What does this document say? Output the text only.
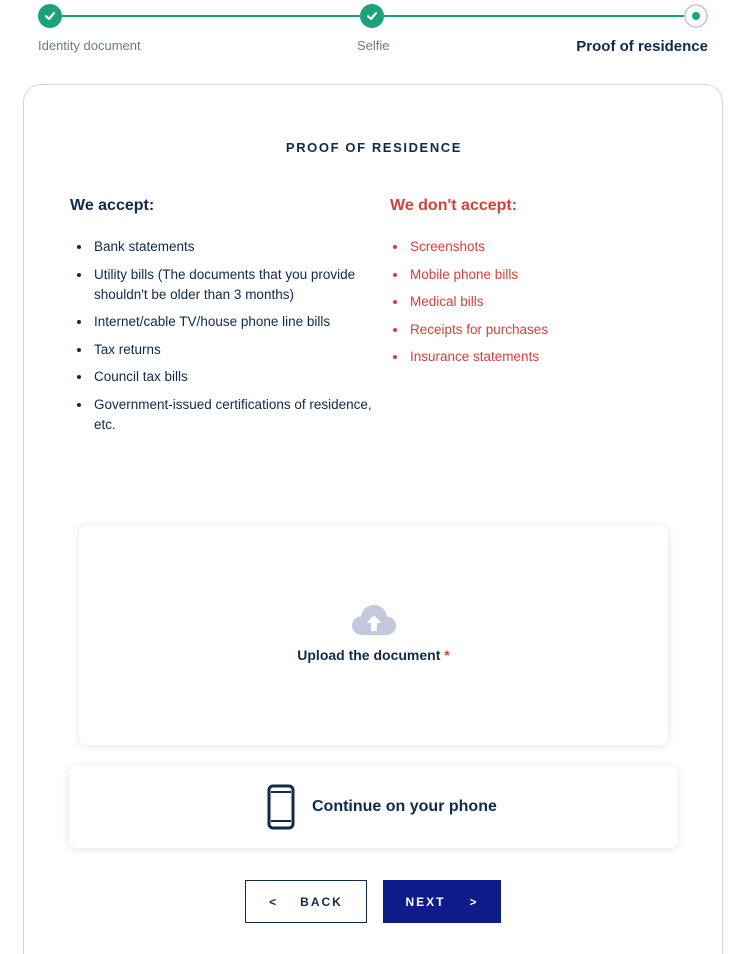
Identity document	Selfie	Proof of residence
PROOF OF RESIDENCE
We accept:
Bank statements
Utility bills (The documents that you provide shouldn't be older than 3 months)
Internet/cable TV/house phone line bills
Tax returns
Council tax bills
Government-issued certifications of residence, etc.
We don't accept:
Screenshots
Mobile phone bills
Medical bills
Receipts for purchases
Insurance statements
Upload the document *
Continue on your phone
< BACK	NEXT >
